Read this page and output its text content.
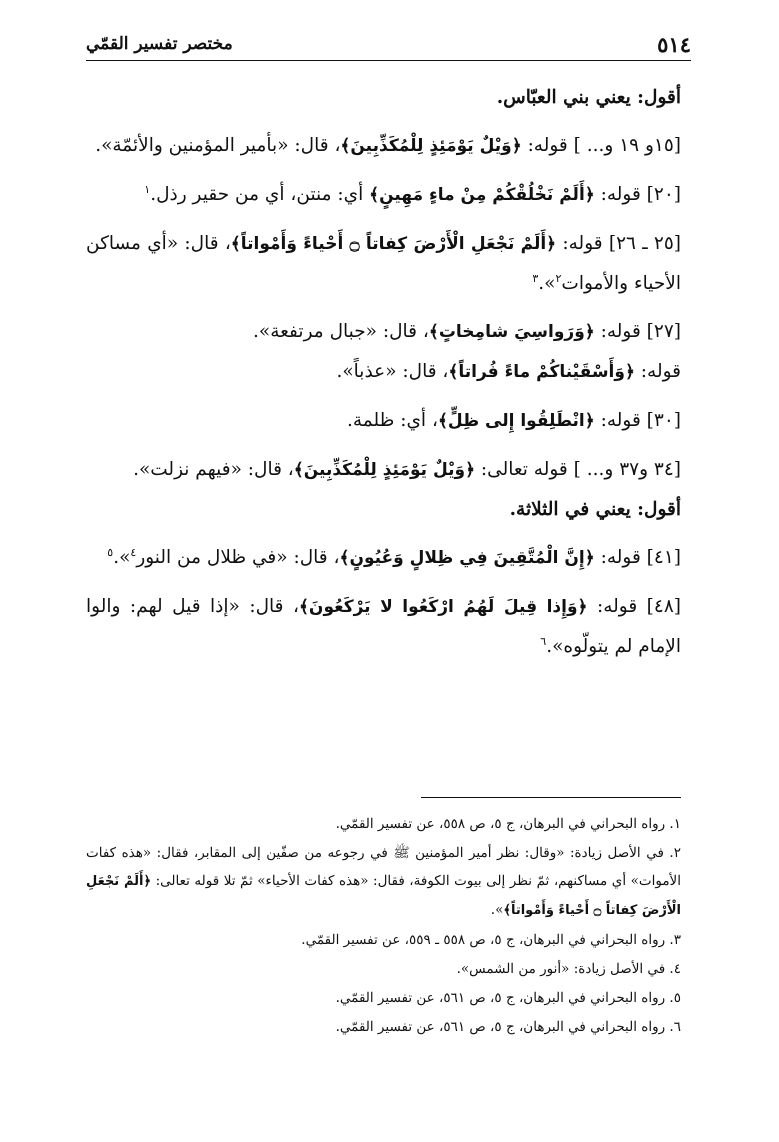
٥١٤
مختصر تفسير القمّي

أقول: يعني بني العبّاس.

[١٥و ١٩ و... ] قوله: ﴿وَيْلٌ يَوْمَئِذٍ لِلْمُكَذِّبِينَ﴾، قال: «بأمير المؤمنين والأئمّة».

[٢٠] قوله: ﴿أَلَمْ نَخْلُقْكُمْ مِنْ ماءٍ مَهِينٍ﴾ أي: منتن، أي من حقير رذل.$^١$

[٢٥ ـ ٢٦] قوله: ﴿أَلَمْ نَجْعَلِ الْأَرْضَ كِفاتاً ۝ أَحْياءً وَأَمْواتاً﴾، قال: «أي مساكن الأحياء والأموات$^٢$».$^٣$

[٢٧] قوله: ﴿وَرَواسِيَ شامِخاتٍ﴾، قال: «جبال مرتفعة».

قوله: ﴿وَأَسْقَيْناكُمْ ماءً فُراتاً﴾، قال: «عذباً».

[٣٠] قوله: ﴿انْطَلِقُوا إِلى ظِلٍّ﴾، أي: ظلمة.

[٣٤ و٣٧ و... ] قوله تعالى: ﴿وَيْلٌ يَوْمَئِذٍ لِلْمُكَذِّبِينَ﴾، قال: «فيهم نزلت».

أقول: يعني في الثلاثة.

[٤١] قوله: ﴿إِنَّ الْمُتَّقِينَ فِي ظِلالٍ وَعُيُونٍ﴾، قال: «في ظلال من النور$^٤$».$^٥$

[٤٨] قوله: ﴿وَإِذا قِيلَ لَهُمُ ارْكَعُوا لا يَرْكَعُونَ﴾، قال: «إذا قيل لهم: والوا الإمام لم يتولّوه».$^٦$

١. رواه البحراني في البرهان، ج ٥، ص ٥٥٨، عن تفسير القمّي.

٢. في الأصل زيادة: «وقال: نظر أمير المؤمنين ﷺ في رجوعه من صفّين إلى المقابر، فقال: «هذه كفات الأموات» أي مساكنهم، ثمّ نظر إلى بيوت الكوفة، فقال: «هذه كفات الأحياء» ثمّ تلا قوله تعالى: ﴿أَلَمْ نَجْعَلِ الْأَرْضَ كِفاتاً ۝ أَحْياءً وَأَمْواتاً﴾».

٣. رواه البحراني في البرهان، ج ٥، ص ٥٥٨ ـ ٥٥٩، عن تفسير القمّي.

٤. في الأصل زيادة: «أنور من الشمس».

٥. رواه البحراني في البرهان، ج ٥، ص ٥٦١، عن تفسير القمّي.

٦. رواه البحراني في البرهان، ج ٥، ص ٥٦١، عن تفسير القمّي.
